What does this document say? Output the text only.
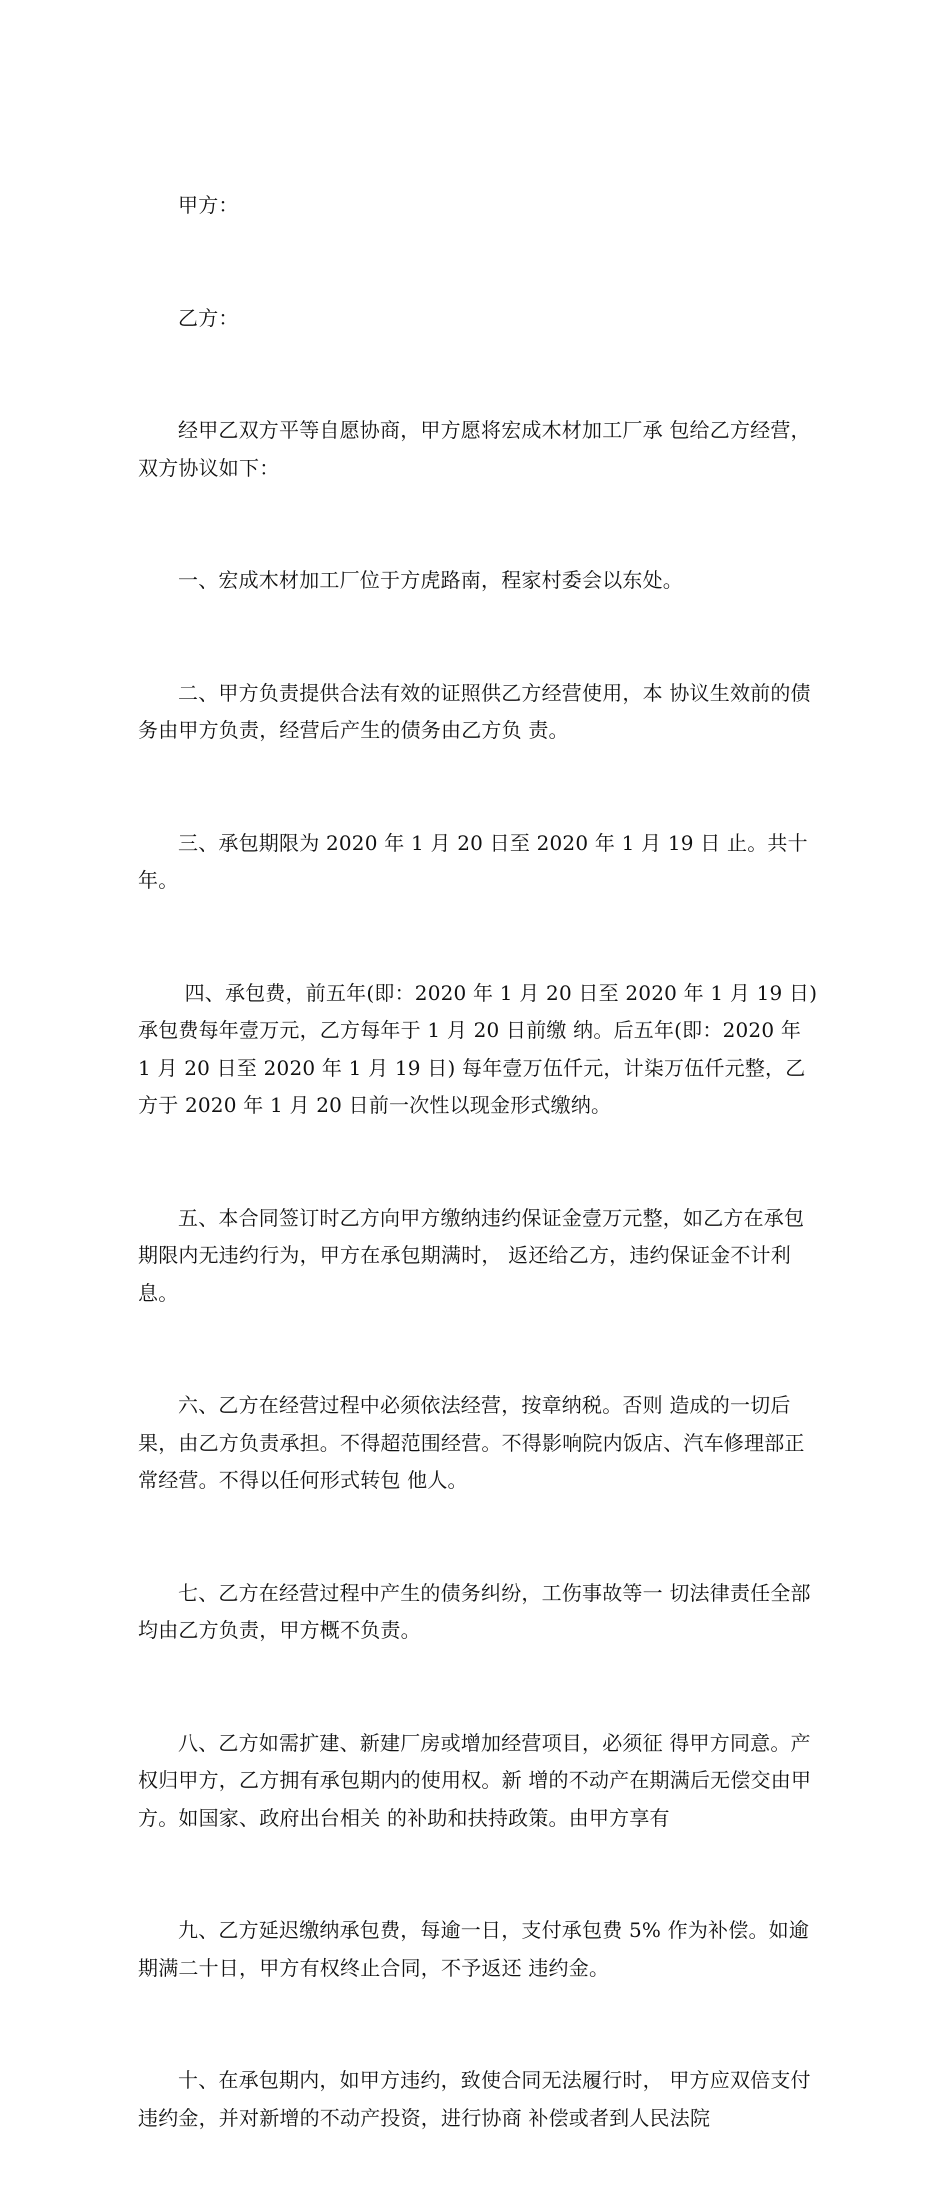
甲方：

乙方：

经甲乙双方平等自愿协商，甲方愿将宏成木材加工厂承 包给乙方经营，双方协议如下：

一、宏成木材加工厂位于方虎路南，程家村委会以东处。

二、甲方负责提供合法有效的证照供乙方经营使用，本 协议生效前的债务由甲方负责，经营后产生的债务由乙方负 责。

三、承包期限为 2020 年 1 月 20 日至 2020 年 1 月 19 日 止。共十年。

四、承包费，前五年(即：2020 年 1 月 20 日至 2020 年 1 月 19 日)承包费每年壹万元，乙方每年于 1 月 20 日前缴 纳。后五年(即：2020 年 1 月 20 日至 2020 年 1 月 19 日) 每年壹万伍仟元，计柒万伍仟元整，乙方于 2020 年 1 月 20 日前一次性以现金形式缴纳。

五、本合同签订时乙方向甲方缴纳违约保证金壹万元整，如乙方在承包期限内无违约行为，甲方在承包期满时， 返还给乙方，违约保证金不计利息。

六、乙方在经营过程中必须依法经营，按章纳税。否则 造成的一切后果，由乙方负责承担。不得超范围经营。不得影响院内饭店、汽车修理部正常经营。不得以任何形式转包 他人。

七、乙方在经营过程中产生的债务纠纷，工伤事故等一 切法律责任全部均由乙方负责，甲方概不负责。

八、乙方如需扩建、新建厂房或增加经营项目，必须征 得甲方同意。产权归甲方，乙方拥有承包期内的使用权。新 增的不动产在期满后无偿交由甲方。如国家、政府出台相关 的补助和扶持政策。由甲方享有

九、乙方延迟缴纳承包费，每逾一日，支付承包费 5% 作为补偿。如逾期满二十日，甲方有权终止合同，不予返还 违约金。

十、在承包期内，如甲方违约，致使合同无法履行时， 甲方应双倍支付违约金，并对新增的不动产投资，进行协商 补偿或者到人民法院
